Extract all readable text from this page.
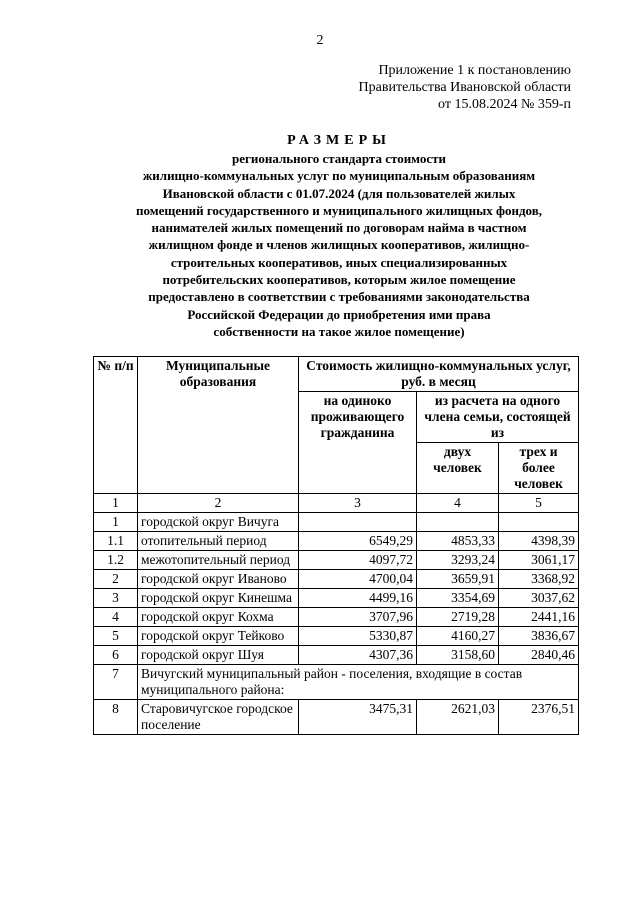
2
Приложение 1 к постановлению
Правительства Ивановской области
от 15.08.2024 № 359-п
РАЗМЕРЫ
регионального стандарта стоимости
жилищно-коммунальных услуг по муниципальным образованиям
Ивановской области с 01.07.2024 (для пользователей жилых
помещений государственного и муниципального жилищных фондов,
нанимателей жилых помещений по договорам найма в частном
жилищном фонде и членов жилищных кооперативов, жилищно-
строительных кооперативов, иных специализированных
потребительских кооперативов, которым жилое помещение
предоставлено в соответствии с требованиями законодательства
Российской Федерации до приобретения ими права
собственности на такое жилое помещение)
№ п/п	Муниципальные образования	Стоимость жилищно-коммунальных услуг, руб. в месяц		
		на одиноко проживающего гражданина	из расчета на одного члена семьи, состоящей из	
			двух человек	трех и более человек
1	2	3	4	5
1	городской округ Вичуга			
1.1	отопительный период	6549,29	4853,33	4398,39
1.2	межотопительный период	4097,72	3293,24	3061,17
2	городской округ Иваново	4700,04	3659,91	3368,92
3	городской округ Кинешма	4499,16	3354,69	3037,62
4	городской округ Кохма	3707,96	2719,28	2441,16
5	городской округ Тейково	5330,87	4160,27	3836,67
6	городской округ Шуя	4307,36	3158,60	2840,46
7	Вичугский муниципальный район - поселения, входящие в состав муниципального района:			
8	Старовичугское городское поселение	3475,31	2621,03	2376,51
